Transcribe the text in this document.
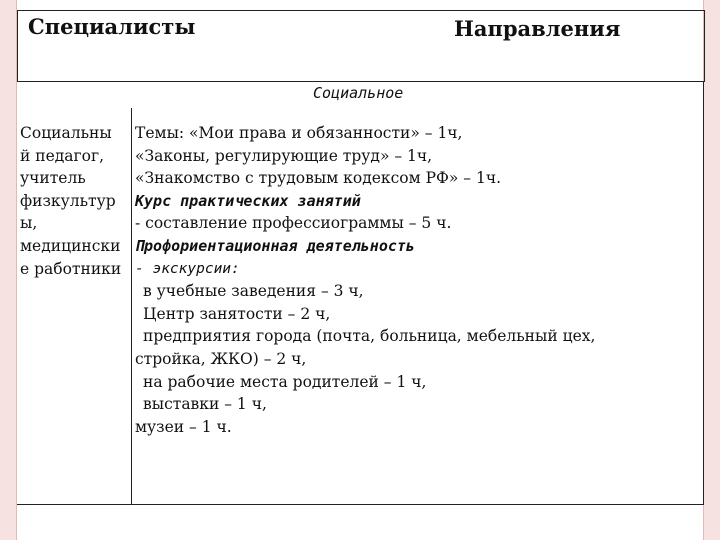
Специалисты	Направления
Социальное
Социальны
й педагог,
учитель
физкультур
ы,
медицински
е работники
Темы: «Мои права и обязанности» – 1ч,
«Законы, регулирующие труд» – 1ч,
«Знакомство с трудовым кодексом РФ» – 1ч.
Курс практических занятий
- составление профессиограммы – 5 ч.
Профориентационная деятельность
- экскурсии:
в учебные заведения – 3 ч,
Центр занятости – 2 ч,
предприятия города (почта, больница, мебельный цех,
стройка, ЖКО) – 2 ч,
на рабочие места родителей – 1 ч,
выставки – 1 ч,
музеи – 1 ч.
